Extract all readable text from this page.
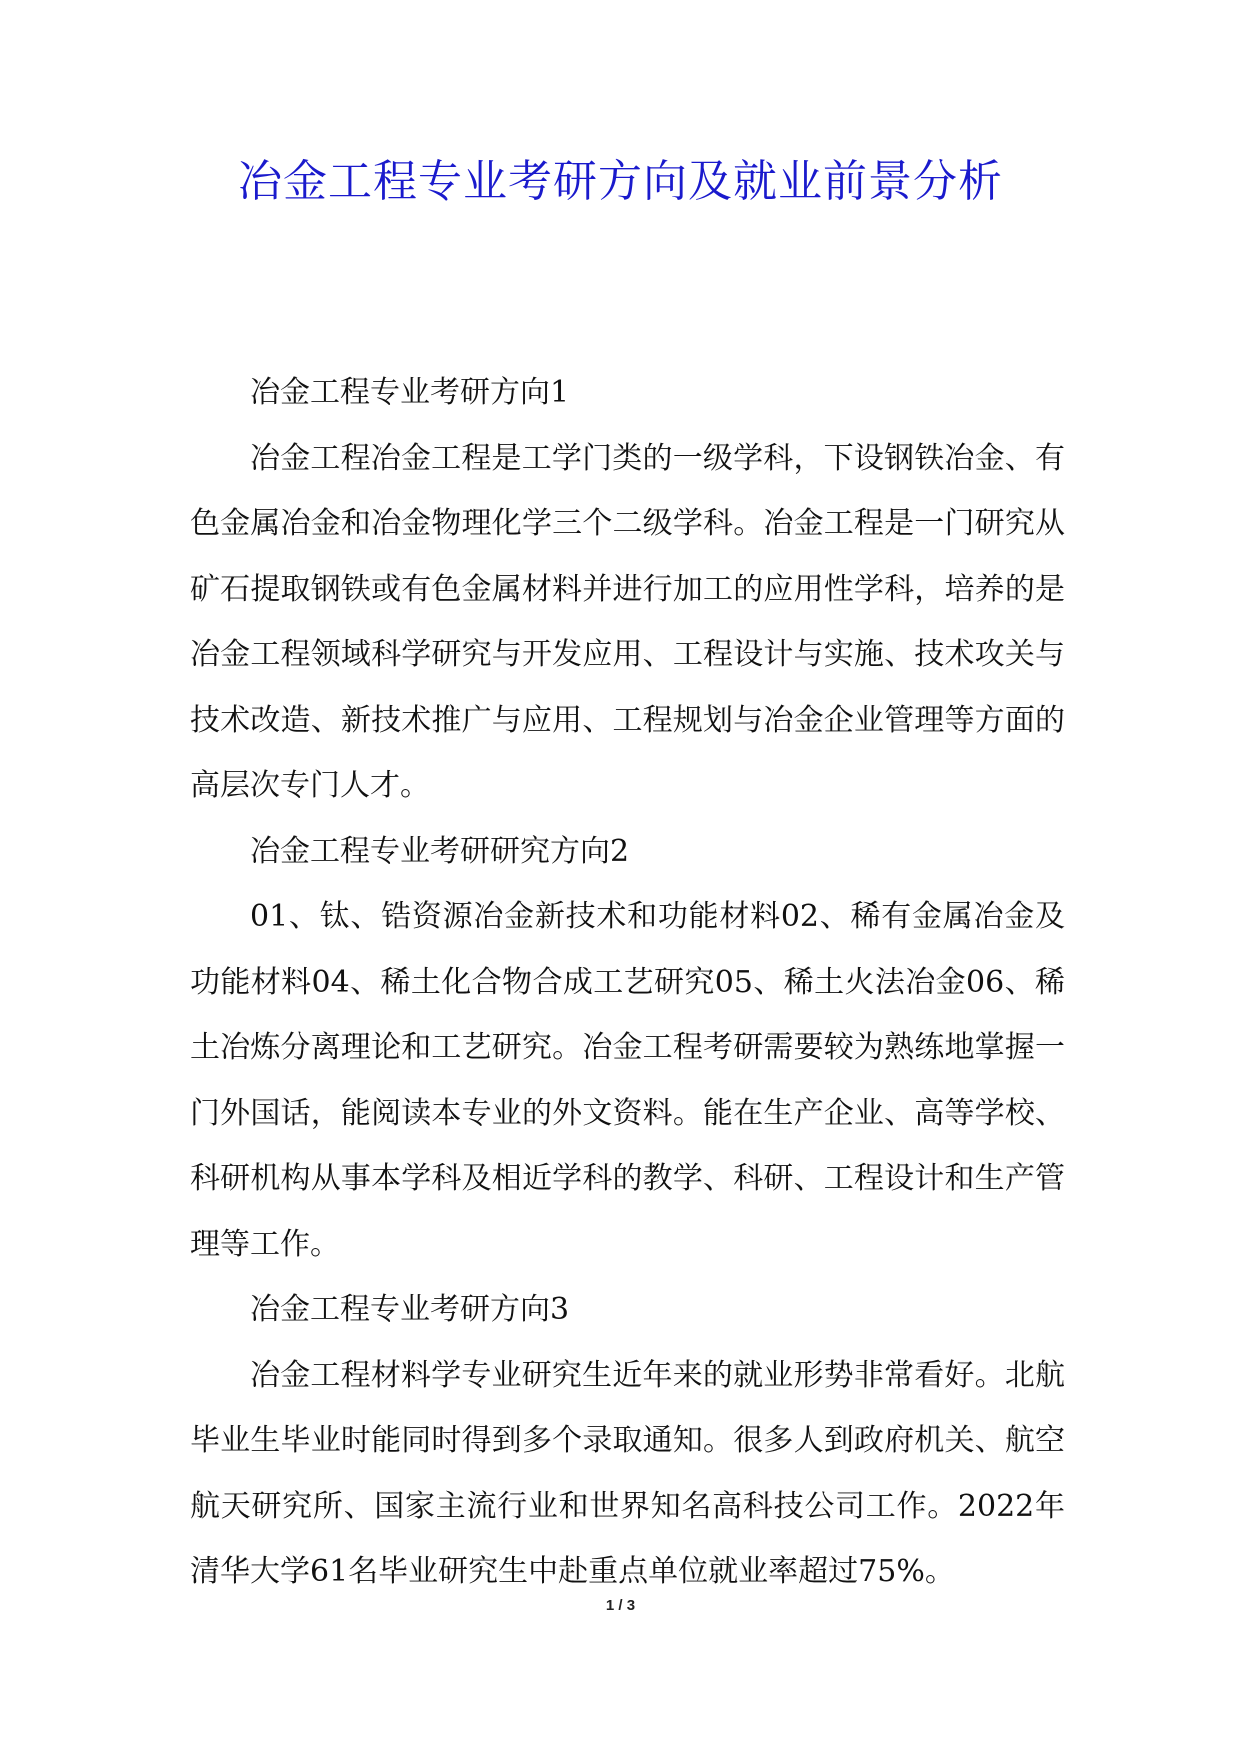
冶金工程专业考研方向及就业前景分析

冶金工程专业考研方向1

冶金工程冶金工程是工学门类的一级学科，下设钢铁冶金、有色金属冶金和冶金物理化学三个二级学科。冶金工程是一门研究从矿石提取钢铁或有色金属材料并进行加工的应用性学科，培养的是冶金工程领域科学研究与开发应用、工程设计与实施、技术攻关与技术改造、新技术推广与应用、工程规划与冶金企业管理等方面的高层次专门人才。

冶金工程专业考研研究方向2

01、钛、锆资源冶金新技术和功能材料02、稀有金属冶金及功能材料04、稀土化合物合成工艺研究05、稀土火法冶金06、稀土冶炼分离理论和工艺研究。冶金工程考研需要较为熟练地掌握一门外国话，能阅读本专业的外文资料。能在生产企业、高等学校、科研机构从事本学科及相近学科的教学、科研、工程设计和生产管理等工作。

冶金工程专业考研方向3

冶金工程材料学专业研究生近年来的就业形势非常看好。北航毕业生毕业时能同时得到多个录取通知。很多人到政府机关、航空航天研究所、国家主流行业和世界知名高科技公司工作。2022年清华大学61名毕业研究生中赴重点单位就业率超过75%。

1 / 3
